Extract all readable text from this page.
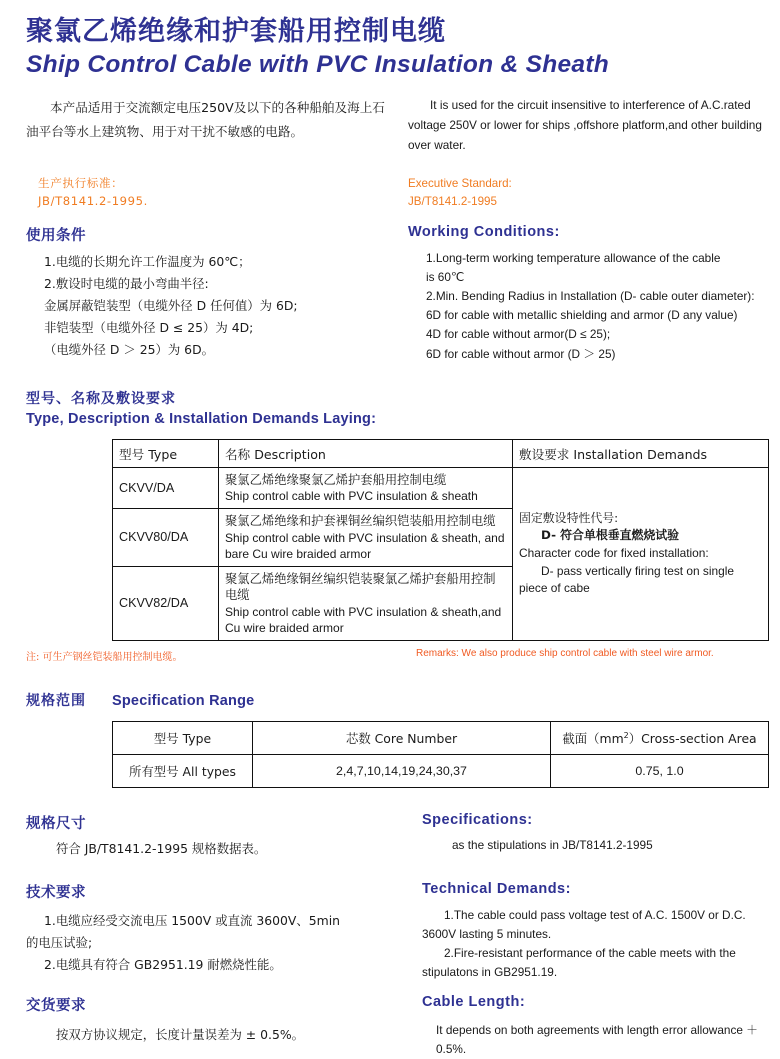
聚氯乙烯绝缘和护套船用控制电缆
Ship Control Cable with PVC Insulation & Sheath
本产品适用于交流额定电压250V及以下的各种船舶及海上石油平台等水上建筑物、用于对干扰不敏感的电路。
It is used for the circuit insensitive to interference of A.C.rated voltage 250V or lower for ships ,offshore platform,and other building over water.
生产执行标准：
JB/T8141.2-1995.
Executive Standard:
JB/T8141.2-1995
使用条件
1.电缆的长期允许工作温度为 60℃；
2.敷设时电缆的最小弯曲半径:
金属屏蔽铠装型（电缆外径 D 任何值）为 6D;
非铠装型（电缆外径 D ≤ 25）为 4D;
（电缆外径 D ＞ 25）为 6D。
Working Conditions:
1.Long-term working temperature allowance of the cable
is 60℃
2.Min. Bending Radius in Installation (D- cable outer diameter):
6D for cable with metallic shielding and armor (D any value)
4D for cable without armor(D ≤ 25);
6D for cable without armor (D ＞ 25)
型号、名称及敷设要求
Type, Description & Installation Demands Laying:
型号 Type	名称 Description	敷设要求 Installation Demands
CKVV/DA	
聚氯乙烯绝缘聚氯乙烯护套船用控制电缆
Ship control cable with PVC insulation & sheath

固定敷设特性代号:
D- 符合单根垂直燃烧试验
Character code for fixed installation:
D- pass vertically firing test on single
piece of cabe

CKVV80/DA	聚氯乙烯绝缘和护套裸铜丝编织铠装船用控制电缆
Ship control cable with PVC insulation & sheath, and bare Cu wire braided armor	

CKVV82/DA	聚氯乙烯绝缘铜丝编织铠装聚氯乙烯护套船用控制电缆
Ship control cable with PVC insulation & sheath,and Cu wire braided armor	
注: 可生产钢丝铠装船用控制电缆。	Remarks: We also produce ship control cable with steel wire armor.
规格范围 Specification Range
型号 Type	芯数 Core Number	截面$(mm^2)Cross$-section Area
所有型号 All types	2,4,7,10,14,19,24,30,37	0.75, 1.0
规格尺寸
符合 JB/T8141.2-1995 规格数据表。
Specifications:
as the stipulations in JB/T8141.2-1995
技术要求
1.电缆应经受交流电压 1500V 或直流 3600V、5min
的电压试验;
2.电缆具有符合 GB2951.19 耐燃烧性能。
Technical Demands:
1.The cable could pass voltage test of A.C. 1500V or D.C.
3600V lasting 5 minutes.
2.Fire-resistant performance of the cable meets with the
stipulatons in GB2951.19.
交货要求
按双方协议规定，长度计量误差为 ± 0.5%。
Cable Length:
It depends on both agreements with length error allowance ＋ 0.5%.
